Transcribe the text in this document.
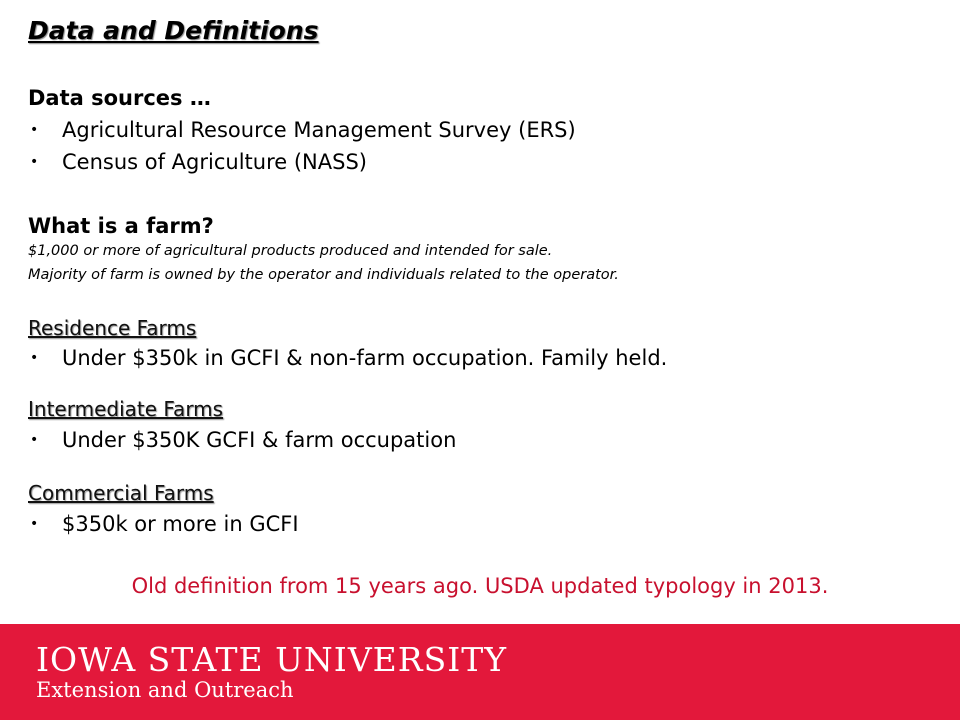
Data and Definitions
Data sources …
• Agricultural Resource Management Survey (ERS)
• Census of Agriculture (NASS)
What is a farm?
$1,000 or more of agricultural products produced and intended for sale.
Majority of farm is owned by the operator and individuals related to the operator.
Residence Farms
• Under $350k in GCFI & non-farm occupation. Family held.
Intermediate Farms
• Under $350K GCFI & farm occupation
Commercial Farms
• $350k or more in GCFI
Old definition from 15 years ago. USDA updated typology in 2013.
IOWA STATE UNIVERSITY
Extension and Outreach
